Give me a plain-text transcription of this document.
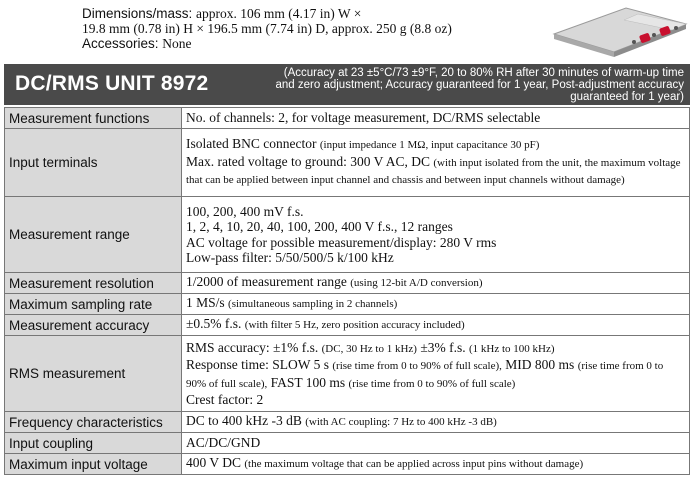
Dimensions/mass: approx. 106 mm (4.17 in) W ×
19.8 mm (0.78 in) H × 196.5 mm (7.74 in) D, approx. 250 g (8.8 oz)
Accessories: None
DC/RMS UNIT 8972	(Accuracy at 23 ±5°C/73 ±9°F, 20 to 80% RH after 30 minutes of warm-up time and zero adjustment; Accuracy guaranteed for 1 year, Post-adjustment accuracy guaranteed for 1 year)
Measurement functions	No. of channels: 2, for voltage measurement, DC/RMS selectable
Input terminals	Isolated BNC connector (input impedance 1 MΩ, input capacitance 30 pF)
Max. rated voltage to ground: 300 V AC, DC (with input isolated from the unit, the maximum voltage that can be applied between input channel and chassis and between input channels without damage)

Measurement range	100, 200, 400 mV f.s.
1, 2, 4, 10, 20, 40, 100, 200, 400 V f.s., 12 ranges
AC voltage for possible measurement/display: 280 V rms
Low-pass filter: 5/50/500/5 k/100 kHz

Measurement resolution	1/2000 of measurement range (using 12-bit A/D conversion)
Maximum sampling rate	1 MS/s (simultaneous sampling in 2 channels)
Measurement accuracy	±0.5% f.s. (with filter 5 Hz, zero position accuracy included)
RMS measurement	RMS accuracy: ±1% f.s. (DC, 30 Hz to 1 kHz) ±3% f.s. (1 kHz to 100 kHz)
Response time: SLOW 5 s (rise time from 0 to 90% of full scale), MID 800 ms (rise time from 0 to 90% of full scale), FAST 100 ms (rise time from 0 to 90% of full scale)
Crest factor: 2

Frequency characteristics	DC to 400 kHz -3 dB (with AC coupling: 7 Hz to 400 kHz -3 dB)
Input coupling	AC/DC/GND
Maximum input voltage	400 V DC (the maximum voltage that can be applied across input pins without damage)
